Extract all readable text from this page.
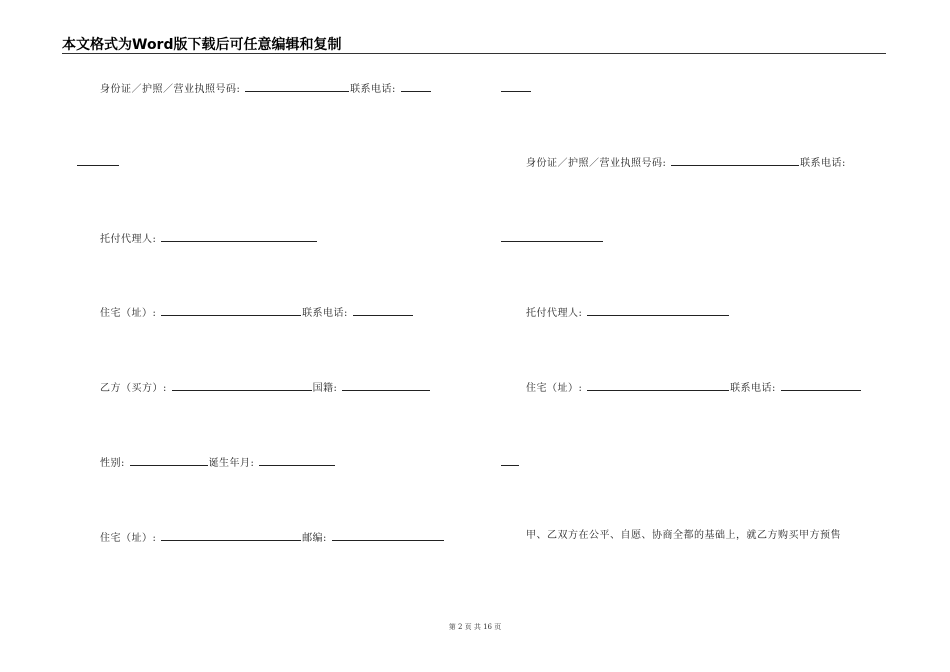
本文格式为Word版下载后可任意编辑和复制
身份证／护照／营业执照号码:	联系电话:
托付代理人:
住宅（址）:	联系电话:
乙方（买方）:	国籍:
性别:	诞生年月:
住宅（址）:	邮编:
身份证／护照／营业执照号码:	联系电话:
托付代理人:
住宅（址）:	联系电话:
甲、乙双方在公平、自愿、协商全都的基础上，就乙方购买甲方预售
第 2 页 共 16 页
